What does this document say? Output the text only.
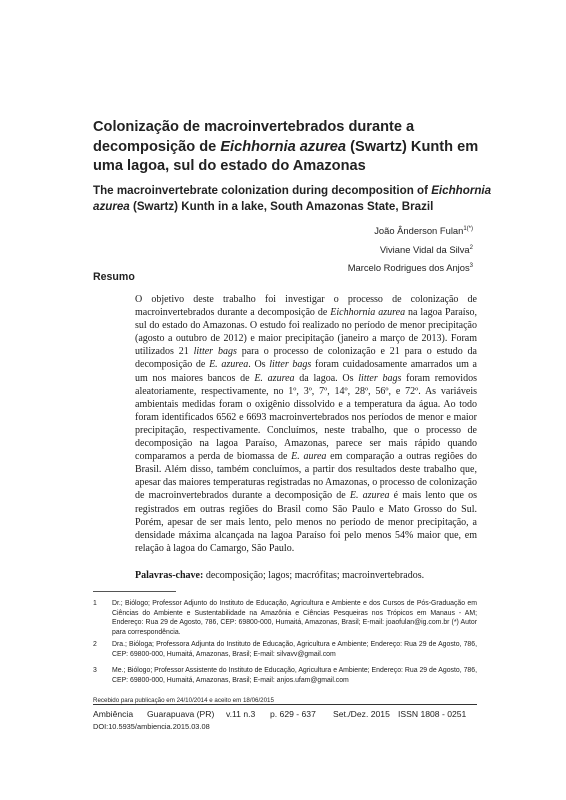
Colonização de macroinvertebrados durante a decomposição de Eichhornia azurea (Swartz) Kunth em uma lagoa, sul do estado do Amazonas
The macroinvertebrate colonization during decomposition of Eichhornia azurea (Swartz) Kunth in a lake, South Amazonas State, Brazil
João Ânderson Fulan$^{1(*)}$
Viviane Vidal da Silva$^2$
Marcelo Rodrigues dos Anjos$^3$
Resumo
O objetivo deste trabalho foi investigar o processo de colonização de macroinvertebrados durante a decomposição de Eichhornia azurea na lagoa Paraíso, sul do estado do Amazonas. O estudo foi realizado no período de menor precipitação (agosto a outubro de 2012) e maior precipitação (janeiro a março de 2013). Foram utilizados 21 litter bags para o processo de colonização e 21 para o estudo da decomposição de E. azurea. Os litter bags foram cuidadosamente amarrados um a um nos maiores bancos de E. azurea da lagoa. Os litter bags foram removidos aleatoriamente, respectivamente, no 1º, 3º, 7º, 14º, 28º, 56º, e 72º. As variáveis ambientais medidas foram o oxigênio dissolvido e a temperatura da água. Ao todo foram identificados 6562 e 6693 macroinvertebrados nos períodos de menor e maior precipitação, respectivamente. Concluímos, neste trabalho, que o processo de decomposição na lagoa Paraíso, Amazonas, parece ser mais rápido quando comparamos a perda de biomassa de E. aurea em comparação a outras regiões do Brasil. Além disso, também concluímos, a partir dos resultados deste trabalho que, apesar das maiores temperaturas registradas no Amazonas, o processo de colonização de macroinvertebrados durante a decomposição de E. azurea é mais lento que os registrados em outras regiões do Brasil como São Paulo e Mato Grosso do Sul. Porém, apesar de ser mais lento, pelo menos no período de menor precipitação, a densidade máxima alcançada na lagoa Paraíso foi pelo menos 54% maior que, em relação à lagoa do Camargo, São Paulo.
Palavras-chave: decomposição; lagos; macrófitas; macroinvertebrados.
1 Dr.; Biólogo; Professor Adjunto do Instituto de Educação, Agricultura e Ambiente e dos Cursos de Pós-Graduação em Ciências do Ambiente e Sustentabilidade na Amazônia e Ciências Pesqueiras nos Trópicos em Manaus - AM; Endereço: Rua 29 de Agosto, 786, CEP: 69800-000, Humaitá, Amazonas, Brasil; E-mail: joaofulan@ig.com.br (*) Autor para correspondência.
2 Dra.; Bióloga; Professora Adjunta do Instituto de Educação, Agricultura e Ambiente; Endereço: Rua 29 de Agosto, 786, CEP: 69800-000, Humaitá, Amazonas, Brasil; E-mail: silvavv@gmail.com
3 Me.; Biólogo; Professor Assistente do Instituto de Educação, Agricultura e Ambiente; Endereço: Rua 29 de Agosto, 786, CEP: 69800-000, Humaitá, Amazonas, Brasil; E-mail: anjos.ufam@gmail.com
Recebido para publicação em 24/10/2014 e aceito em 18/06/2015
Ambiência Guarapuava (PR) v.11 n.3 p. 629 - 637 Set./Dez. 2015 ISSN 1808 - 0251
DOI:10.5935/ambiencia.2015.03.08
